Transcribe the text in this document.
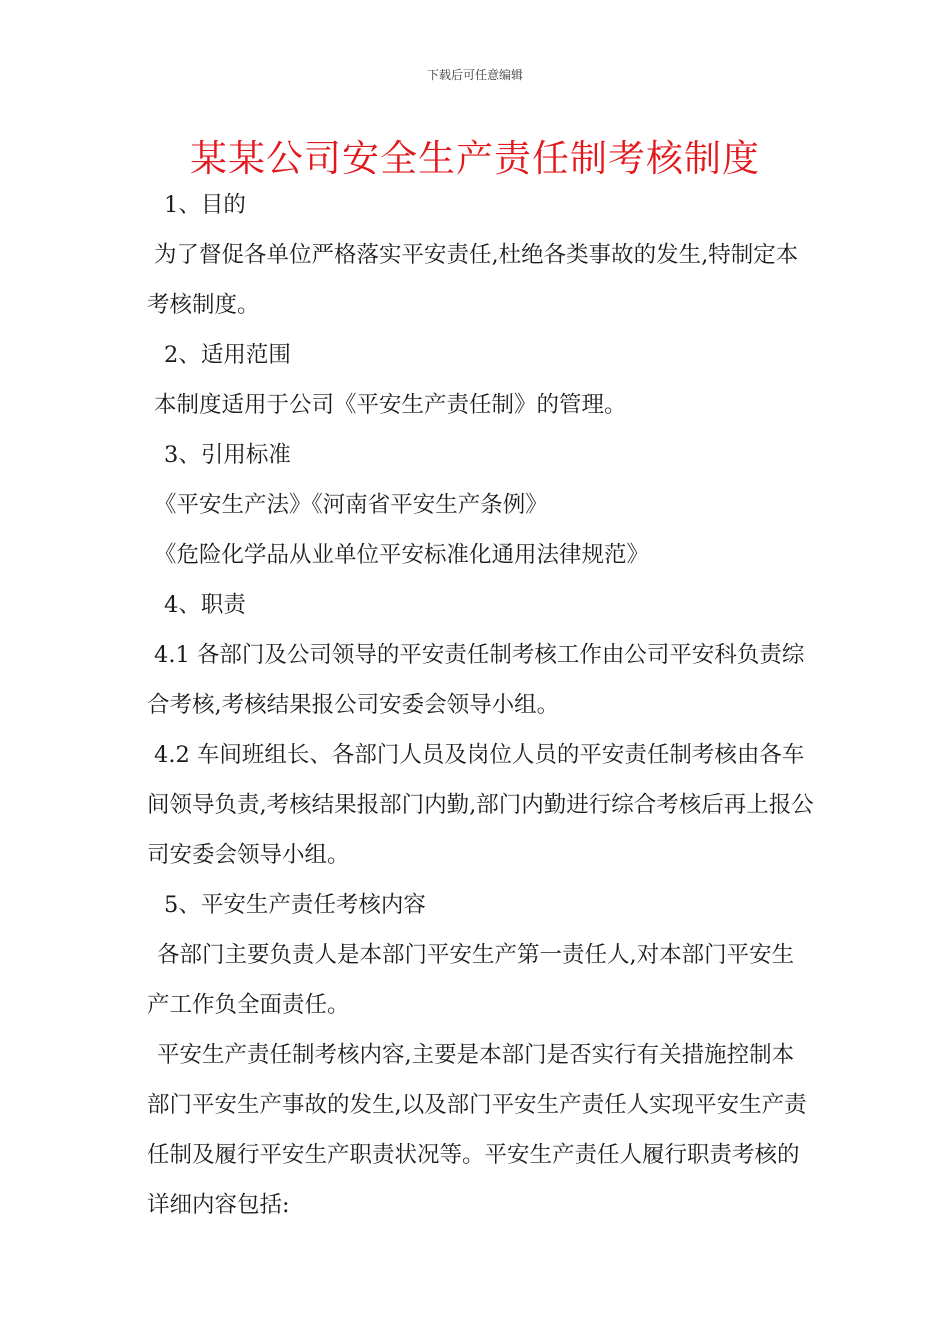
下载后可任意编辑
某某公司安全生产责任制考核制度
1、目的
为了督促各单位严格落实平安责任,杜绝各类事故的发生,特制定本
考核制度。
2、适用范围
本制度适用于公司《平安生产责任制》的管理。
3、引用标准
《平安生产法》《河南省平安生产条例》
《危险化学品从业单位平安标准化通用法律规范》
4、职责
4.1 各部门及公司领导的平安责任制考核工作由公司平安科负责综
合考核,考核结果报公司安委会领导小组。
4.2 车间班组长、各部门人员及岗位人员的平安责任制考核由各车
间领导负责,考核结果报部门内勤,部门内勤进行综合考核后再上报公
司安委会领导小组。
5、平安生产责任考核内容
各部门主要负责人是本部门平安生产第一责任人,对本部门平安生
产工作负全面责任。
平安生产责任制考核内容,主要是本部门是否实行有关措施控制本
部门平安生产事故的发生,以及部门平安生产责任人实现平安生产责
任制及履行平安生产职责状况等。平安生产责任人履行职责考核的
详细内容包括:
